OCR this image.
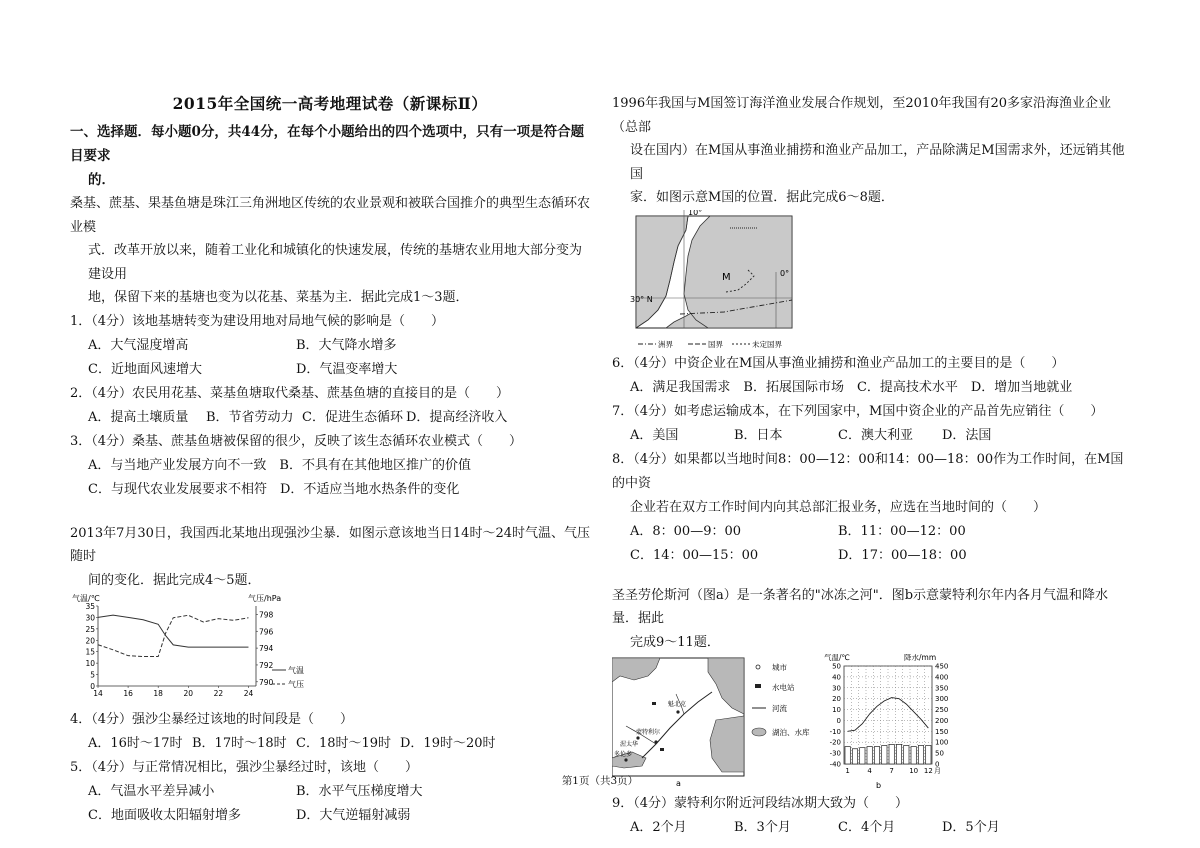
2015年全国统一高考地理试卷（新课标Ⅱ）
一、选择题．每小题0分，共44分，在每个小题给出的四个选项中，只有一项是符合题目要求
的．

桑基、蔗基、果基鱼塘是珠江三角洲地区传统的农业景观和被联合国推介的典型生态循环农业模

式．改革开放以来，随着工业化和城镇化的快速发展，传统的基塘农业用地大部分变为建设用

地，保留下来的基塘也变为以花基、菜基为主．据此完成1～3题．

1．（4分）该地基塘转变为建设用地对局地气候的影响是（　　）

A．大气湿度增高	B．大气降水增多
C．近地面风速增大	D．气温变率增大

2．（4分）农民用花基、菜基鱼塘取代桑基、蔗基鱼塘的直接目的是（　　）

A．提高土壤质量	B．节省劳动力 C．促进生态循环 D．提高经济收入

3．（4分）桑基、蔗基鱼塘被保留的很少，反映了该生态循环农业模式（　　）

A．与当地产业发展方向不一致　B．不具有在其他地区推广的价值
C．与现代农业发展要求不相符　D．不适应当地水热条件的变化

2013年7月30日，我国西北某地出现强沙尘暴．如图示意该地当日14时～24时气温、气压随时

间的变化．据此完成4～5题．

气温/℃	气压/hPa
35
30
25
20
15
10
5
0
798
796
794
792
790
14	16	18	20	22	24
气温
气压

4．（4分）强沙尘暴经过该地的时间段是（　　）

A．16时～17时 B．17时～18时 C．18时～19时 D．19时～20时

5．（4分）与正常情况相比，强沙尘暴经过时，该地（　　）

A．气温水平差异减小	B．水平气压梯度增大
C．地面吸收太阳辐射增多	D．大气逆辐射减弱

1996年我国与M国签订海洋渔业发展合作规划，至2010年我国有20多家沿海渔业企业（总部

设在国内）在M国从事渔业捕捞和渔业产品加工，产品除满足M国需求外，还远销其他国

家．如图示意M国的位置．据此完成6～8题．

10°
30° N
0°
M
洲界	国界	未定国界

6．（4分）中资企业在M国从事渔业捕捞和渔业产品加工的主要目的是（　　）

A．满足我国需求　B．拓展国际市场　C．提高技术水平　D．增加当地就业

7．（4分）如考虑运输成本，在下列国家中，M国中资企业的产品首先应销往（　　）

A．美国	B．日本	C．澳大利亚	D．法国

8．（4分）如果都以当地时间8：00—12：00和14：00—18：00作为工作时间，在M国的中资

企业若在双方工作时间内向其总部汇报业务，应选在当地时间的（　　）

A．8：00—9：00	B．11：00—12：00
C．14：00—15：00	D．17：00—18：00

圣圣劳伦斯河（图a）是一条著名的"冰冻之河"．图b示意蒙特利尔年内各月气温和降水量．据此

完成9～11题．

魁北克
蒙特利尔
渥太华
多伦多
a
城市
水电站
河流
湖泊、水库
气温/℃	降水/mm
50
40
30
20
10
0
-10
-20
-30
-40
450
400
350
300
250
200
150
100
50
0
1	4	7 10 12 月
b

9．（4分）蒙特利尔附近河段结冰期大致为（　　）

A．2个月	B．3个月	C．4个月	D．5个月
第1页（共3页）
